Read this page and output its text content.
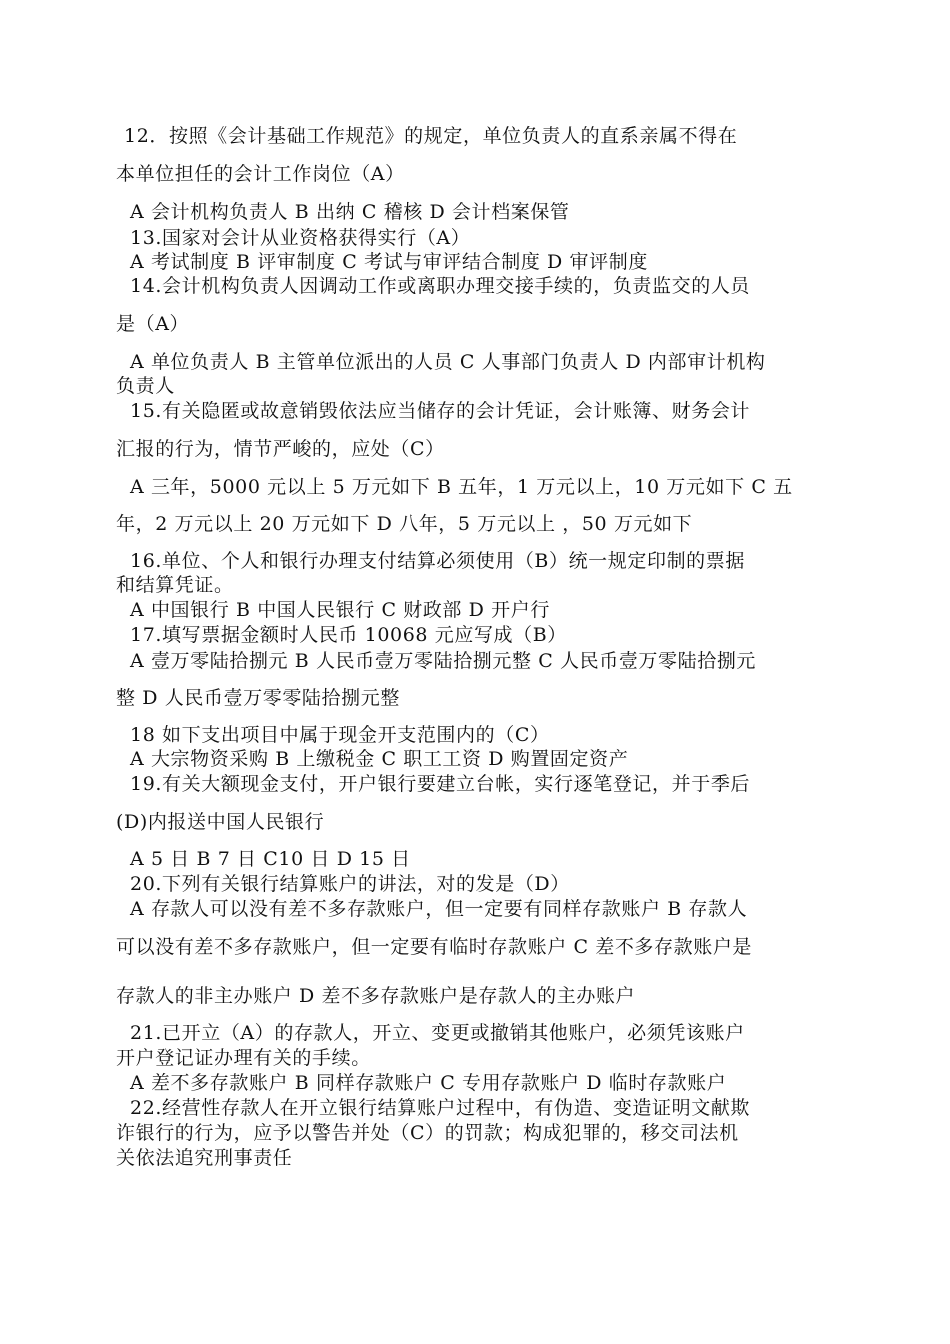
12．按照《会计基础工作规范》的规定，单位负责人的直系亲属不得在
本单位担任的会计工作岗位（A）
A 会计机构负责人 B 出纳 C 稽核 D 会计档案保管
13.国家对会计从业资格获得实行（A）
A 考试制度 B 评审制度 C 考试与审评结合制度 D 审评制度
14.会计机构负责人因调动工作或离职办理交接手续的，负责监交的人员
是（A）
A 单位负责人 B 主管单位派出的人员 C 人事部门负责人 D 内部审计机构
负责人
15.有关隐匿或故意销毁依法应当储存的会计凭证，会计账簿、财务会计
汇报的行为，情节严峻的，应处（C）
A 三年，5000 元以上 5 万元如下 B 五年，1 万元以上，10 万元如下 C 五
年，2 万元以上 20 万元如下 D 八年，5 万元以上 ，50 万元如下
16.单位、个人和银行办理支付结算必须使用（B）统一规定印制的票据
和结算凭证。
A 中国银行 B 中国人民银行 C 财政部 D 开户行
17.填写票据金额时人民币 10068 元应写成（B）
A 壹万零陆拾捌元 B 人民币壹万零陆拾捌元整 C 人民币壹万零陆拾捌元
整 D 人民币壹万零零陆拾捌元整
18 如下支出项目中属于现金开支范围内的（C）
A 大宗物资采购 B 上缴税金 C 职工工资 D 购置固定资产
19.有关大额现金支付，开户银行要建立台帐，实行逐笔登记，并于季后
(D)内报送中国人民银行
A 5 日 B 7 日 C10 日 D 15 日
20.下列有关银行结算账户的讲法，对的发是（D）
A 存款人可以没有差不多存款账户，但一定要有同样存款账户 B 存款人
可以没有差不多存款账户，但一定要有临时存款账户 C 差不多存款账户是
存款人的非主办账户 D 差不多存款账户是存款人的主办账户
21.已开立（A）的存款人，开立、变更或撤销其他账户，必须凭该账户
开户登记证办理有关的手续。
A 差不多存款账户 B 同样存款账户 C 专用存款账户 D 临时存款账户
22.经营性存款人在开立银行结算账户过程中，有伪造、变造证明文献欺
诈银行的行为，应予以警告并处（C）的罚款；构成犯罪的，移交司法机
关依法追究刑事责任
